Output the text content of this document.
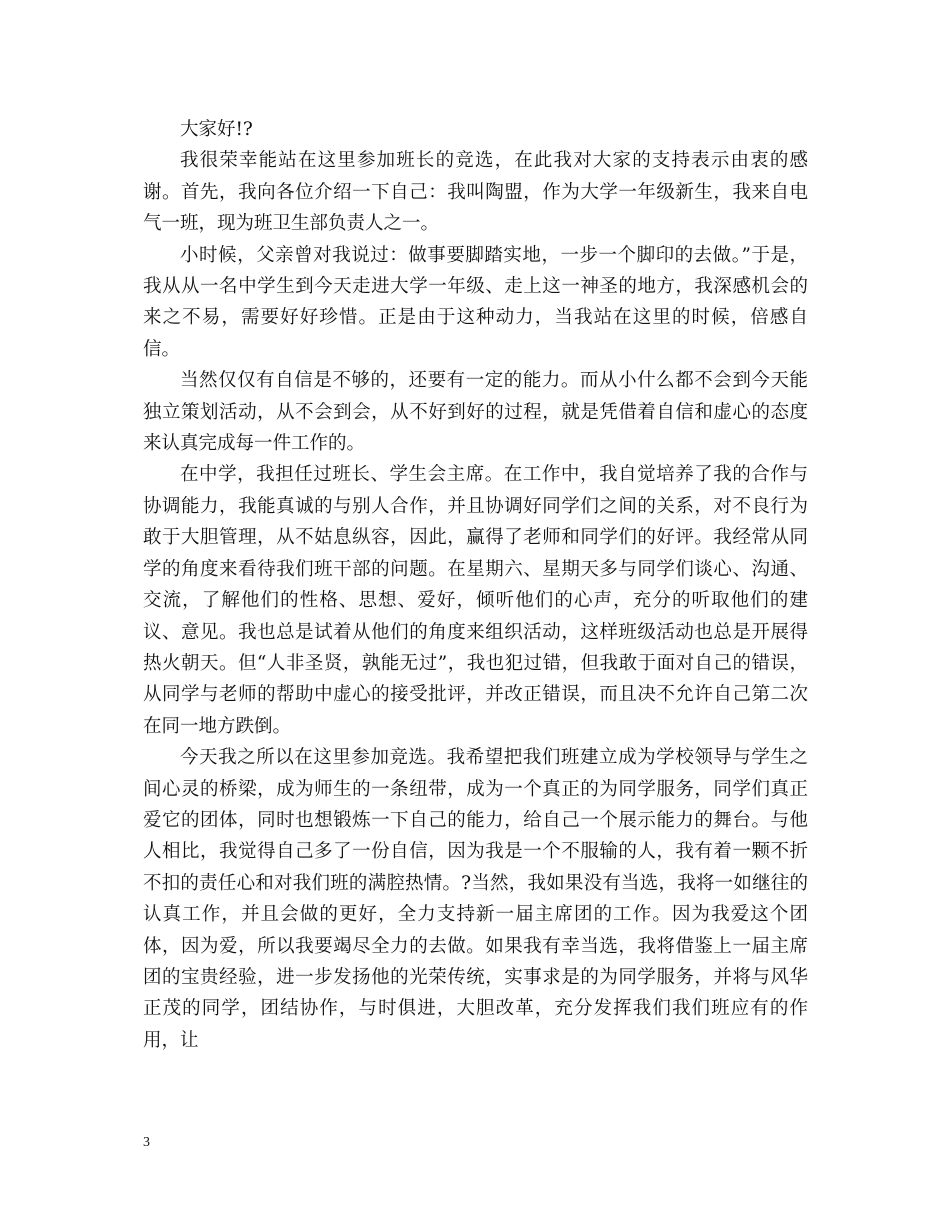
大家好!?

我很荣幸能站在这里参加班长的竞选，在此我对大家的支持表示由衷的感谢。首先，我向各位介绍一下自己：我叫陶盟，作为大学一年级新生，我来自电气一班，现为班卫生部负责人之一。

小时候，父亲曾对我说过：做事要脚踏实地，一步一个脚印的去做。”于是，我从从一名中学生到今天走进大学一年级、走上这一神圣的地方，我深感机会的来之不易，需要好好珍惜。正是由于这种动力，当我站在这里的时候，倍感自信。

当然仅仅有自信是不够的，还要有一定的能力。而从小什么都不会到今天能独立策划活动，从不会到会，从不好到好的过程，就是凭借着自信和虚心的态度来认真完成每一件工作的。

在中学，我担任过班长、学生会主席。在工作中，我自觉培养了我的合作与协调能力，我能真诚的与别人合作，并且协调好同学们之间的关系，对不良行为敢于大胆管理，从不姑息纵容，因此，赢得了老师和同学们的好评。我经常从同学的角度来看待我们班干部的问题。在星期六、星期天多与同学们谈心、沟通、交流，了解他们的性格、思想、爱好，倾听他们的心声，充分的听取他们的建议、意见。我也总是试着从他们的角度来组织活动，这样班级活动也总是开展得热火朝天。但“人非圣贤，孰能无过”，我也犯过错，但我敢于面对自己的错误，从同学与老师的帮助中虚心的接受批评，并改正错误，而且决不允许自己第二次在同一地方跌倒。

今天我之所以在这里参加竞选。我希望把我们班建立成为学校领导与学生之间心灵的桥梁，成为师生的一条纽带，成为一个真正的为同学服务，同学们真正爱它的团体，同时也想锻炼一下自己的能力，给自己一个展示能力的舞台。与他人相比，我觉得自己多了一份自信，因为我是一个不服输的人，我有着一颗不折不扣的责任心和对我们班的满腔热情。?当然，我如果没有当选，我将一如继往的认真工作，并且会做的更好，全力支持新一届主席团的工作。因为我爱这个团体，因为爱，所以我要竭尽全力的去做。如果我有幸当选，我将借鉴上一届主席团的宝贵经验，进一步发扬他的光荣传统，实事求是的为同学服务，并将与风华正茂的同学，团结协作，与时俱进，大胆改革，充分发挥我们我们班应有的作用，让

3
